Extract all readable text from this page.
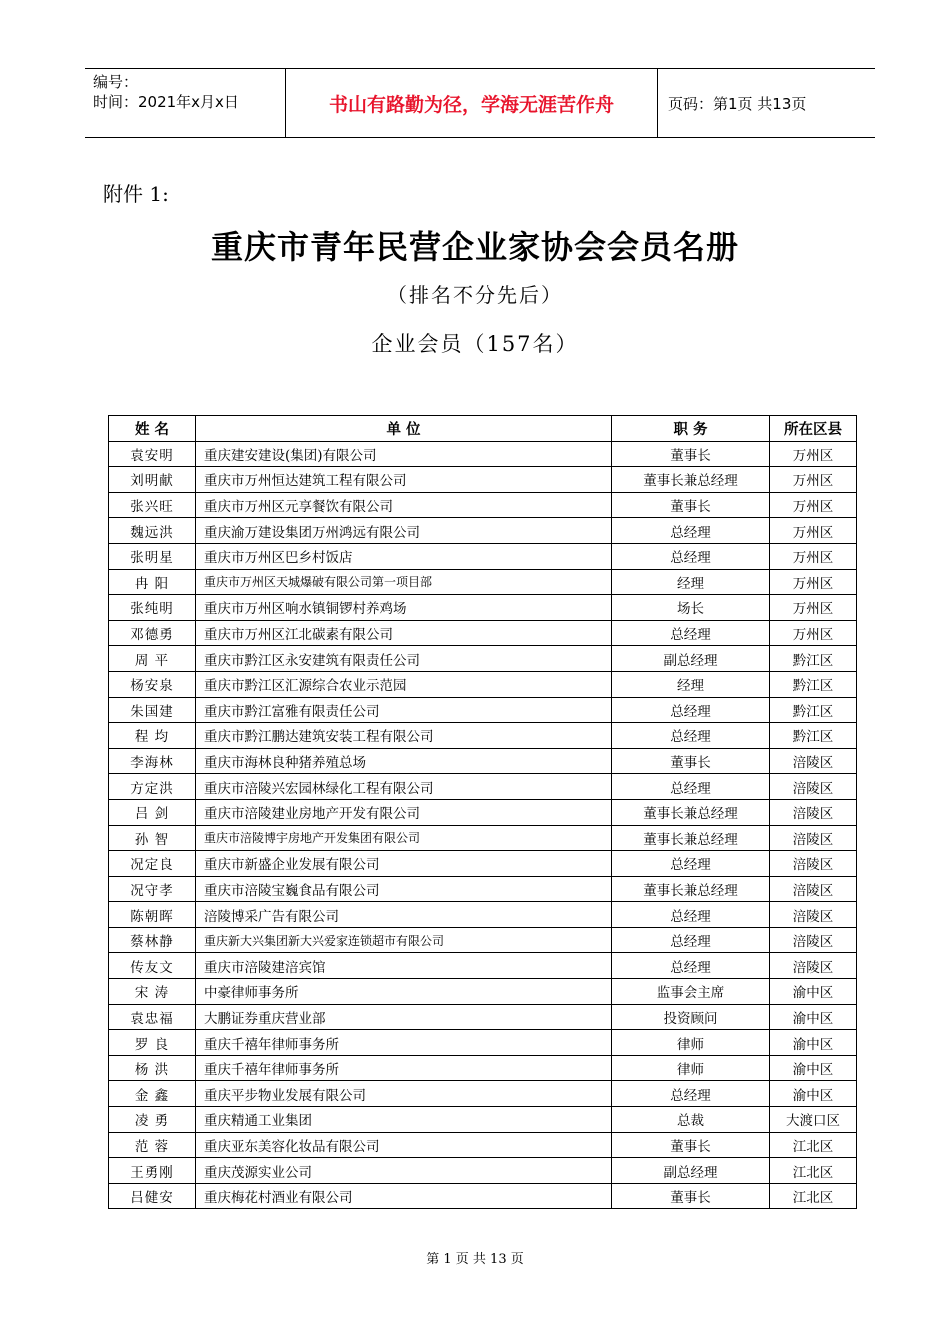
编号：
时间：2021年x月x日	书山有路勤为径，学海无涯苦作舟	页码：第1页 共13页
附件 1:
重庆市青年民营企业家协会会员名册
（排名不分先后）
企业会员（157名）
姓 名	单 位	职 务	所在区县
袁安明	重庆建安建设(集团)有限公司	董事长	万州区
刘明献	重庆市万州恒达建筑工程有限公司	董事长兼总经理	万州区
张兴旺	重庆市万州区元享餐饮有限公司	董事长	万州区
魏远洪	重庆渝万建设集团万州鸿远有限公司	总经理	万州区
张明星	重庆市万州区巴乡村饭店	总经理	万州区
冉 阳	重庆市万州区天城爆破有限公司第一项目部	经理	万州区
张纯明	重庆市万州区响水镇铜锣村养鸡场	场长	万州区
邓德勇	重庆市万州区江北碳素有限公司	总经理	万州区
周 平	重庆市黔江区永安建筑有限责任公司	副总经理	黔江区
杨安泉	重庆市黔江区汇源综合农业示范园	经理	黔江区
朱国建	重庆市黔江富雅有限责任公司	总经理	黔江区
程 均	重庆市黔江鹏达建筑安装工程有限公司	总经理	黔江区
李海林	重庆市海林良种猪养殖总场	董事长	涪陵区
方定洪	重庆市涪陵兴宏园林绿化工程有限公司	总经理	涪陵区
吕 剑	重庆市涪陵建业房地产开发有限公司	董事长兼总经理	涪陵区
孙 智	重庆市涪陵博宇房地产开发集团有限公司	董事长兼总经理	涪陵区
况定良	重庆市新盛企业发展有限公司	总经理	涪陵区
况守孝	重庆市涪陵宝巍食品有限公司	董事长兼总经理	涪陵区
陈朝晖	涪陵博采广告有限公司	总经理	涪陵区
蔡林静	重庆新大兴集团新大兴爱家连锁超市有限公司	总经理	涪陵区
传友文	重庆市涪陵建涪宾馆	总经理	涪陵区
宋 涛	中豪律师事务所	监事会主席	渝中区
袁忠福	大鹏证券重庆营业部	投资顾问	渝中区
罗 良	重庆千禧年律师事务所	律师	渝中区
杨 洪	重庆千禧年律师事务所	律师	渝中区
金 鑫	重庆平步物业发展有限公司	总经理	渝中区
凌 勇	重庆精通工业集团	总裁	大渡口区
范 蓉	重庆亚东美容化妆品有限公司	董事长	江北区
王勇刚	重庆茂源实业公司	副总经理	江北区
吕健安	重庆梅花村酒业有限公司	董事长	江北区
第 1 页 共 13 页
